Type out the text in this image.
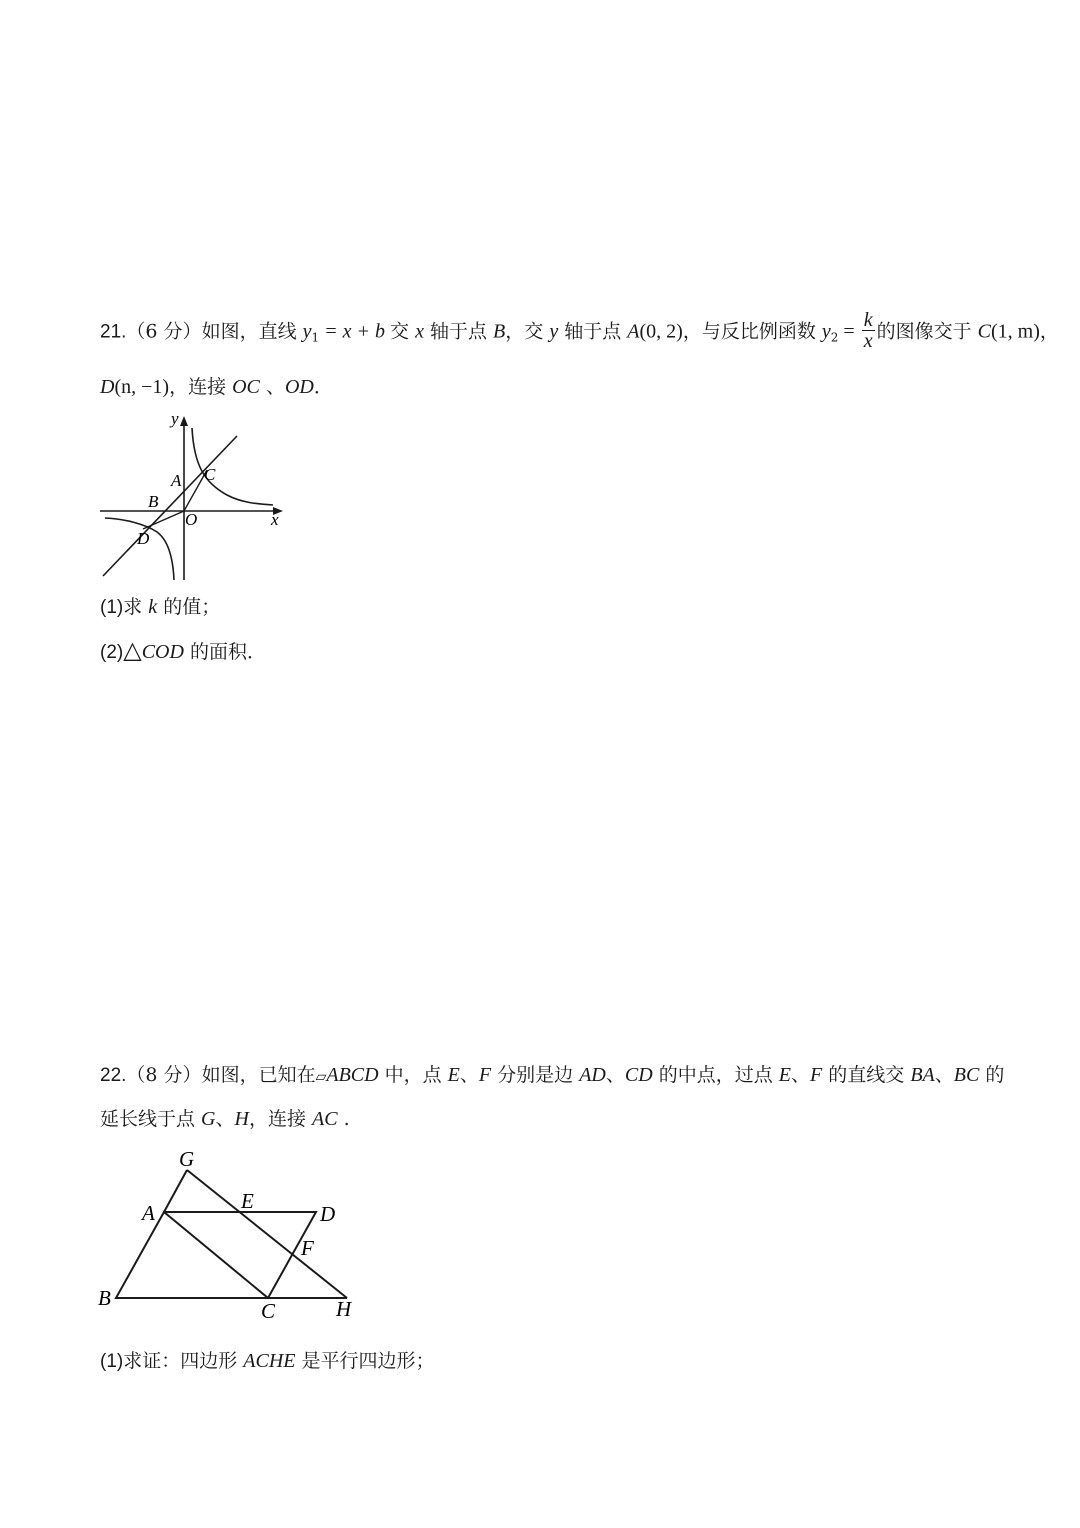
21.（6 分）如图，直线 $y_1 = x + b$ 交 x 轴于点 B，交 y 轴于点 A(0, 2)，与反比例函数 $y_2 = \frac{k}{x}$ 的图像交于 C(1, m)，
D(n, −1)，连接 OC 、OD．
y
x
A
B
C
D
O
(1)求 k 的值；
(2)△COD 的面积．
22.（8 分）如图，已知在▱ABCD 中，点 E、F 分别是边 AD、CD 的中点，过点 E、F 的直线交 BA、BC 的
延长线于点 G、H，连接 AC .
G
A	E
D
F
B
C	H
(1)求证：四边形 ACHE 是平行四边形；
